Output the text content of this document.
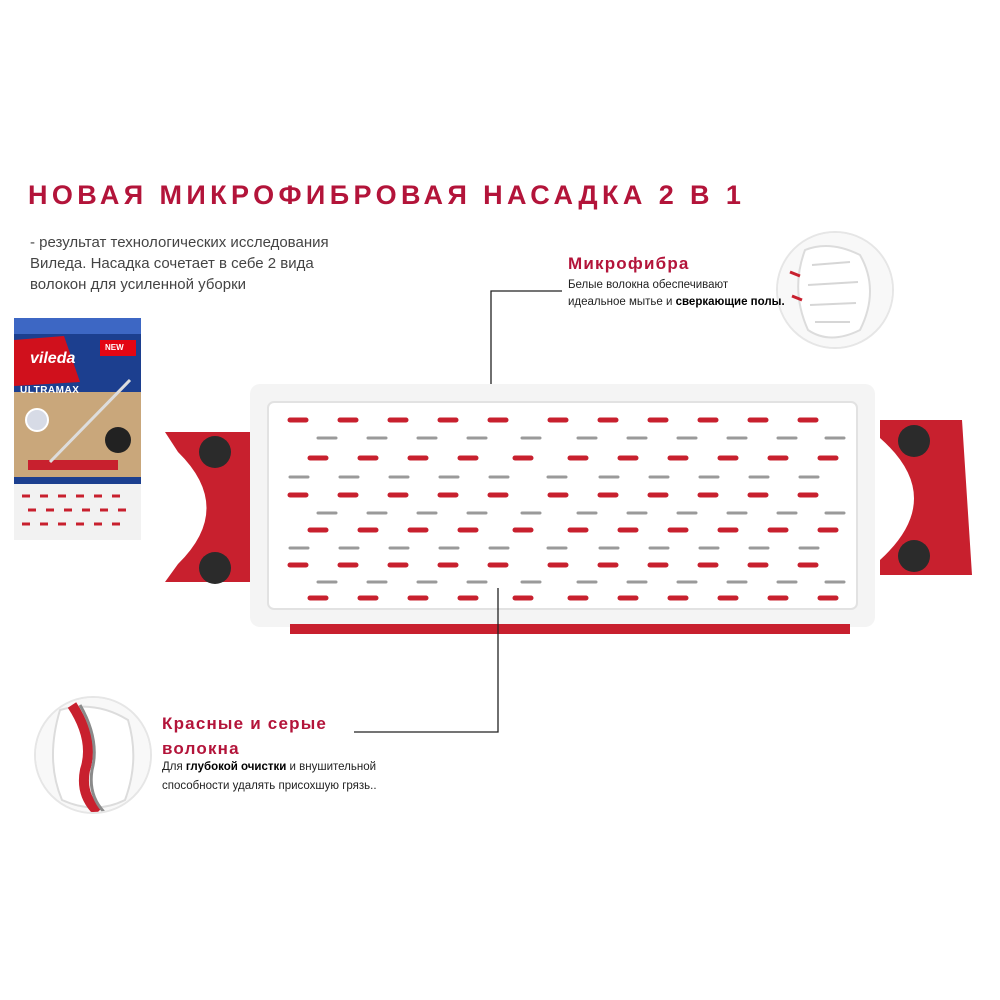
НОВАЯ МИКРОФИБРОВАЯ НАСАДКА 2 В 1
- результат технологических исследования
Виледа. Насадка сочетает в себе 2 вида
волокон для усиленной уборки
vileda
ULTRAMAX
NEW
Микрофибра
Белые волокна обеспечивают идеальное мытье и сверкающие полы.
Красные и серые
волокна
Для глубокой очистки и внушительной способности удалять присохшую грязь..
